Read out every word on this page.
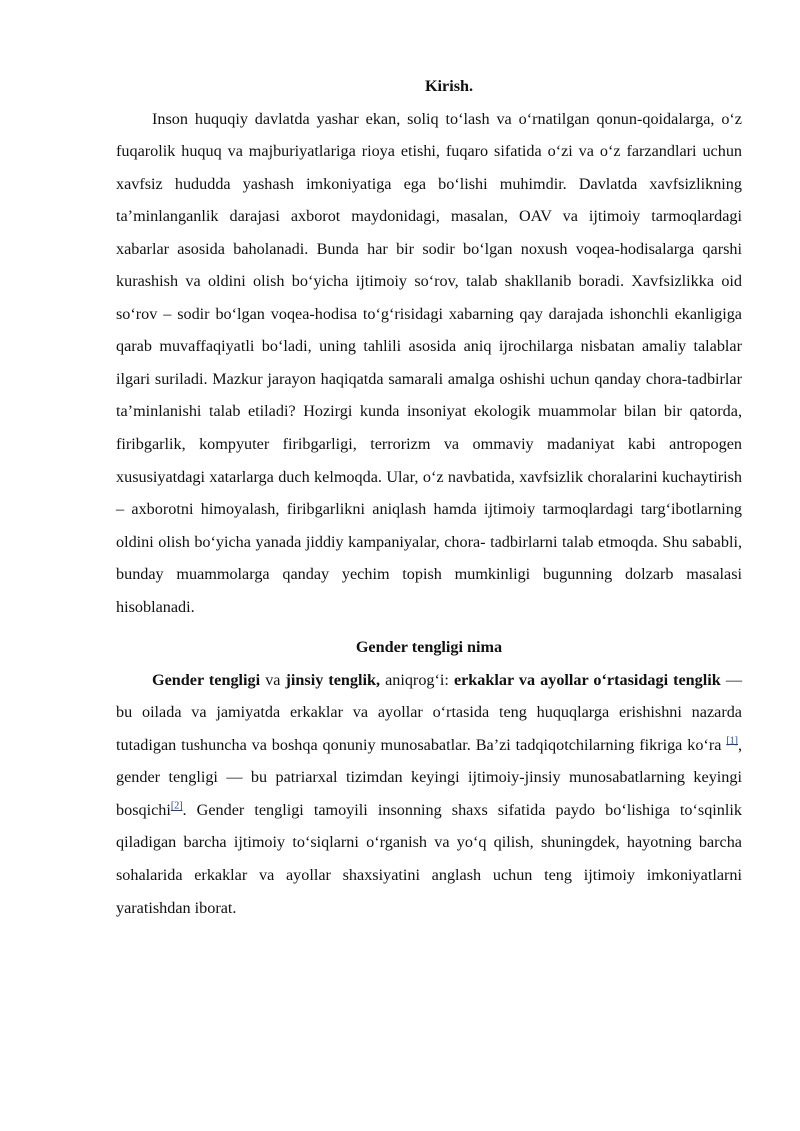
Kirish.

Inson huquqiy davlatda yashar ekan, soliq to‘lash va o‘rnatilgan qonun-qoidalarga, o‘z fuqarolik huquq va majburiyatlariga rioya etishi, fuqaro sifatida o‘zi va o‘z farzandlari uchun xavfsiz hududda yashash imkoniyatiga ega bo‘lishi muhimdir. Davlatda xavfsizlikning ta’minlanganlik darajasi axborot maydonidagi, masalan, OAV va ijtimoiy tarmoqlardagi xabarlar asosida baholanadi. Bunda har bir sodir bo‘lgan noxush voqea-hodisalarga qarshi kurashish va oldini olish bo‘yicha ijtimoiy so‘rov, talab shakllanib boradi. Xavfsizlikka oid so‘rov – sodir bo‘lgan voqea-hodisa to‘g‘risidagi xabarning qay darajada ishonchli ekanligiga qarab muvaffaqiyatli bo‘ladi, uning tahlili asosida aniq ijrochilarga nisbatan amaliy talablar ilgari suriladi. Mazkur jarayon haqiqatda samarali amalga oshishi uchun qanday chora-tadbirlar ta’minlanishi talab etiladi? Hozirgi kunda insoniyat ekologik muammolar bilan bir qatorda, firibgarlik, kompyuter firibgarligi, terrorizm va ommaviy madaniyat kabi antropogen xususiyatdagi xatarlarga duch kelmoqda. Ular, o‘z navbatida, xavfsizlik choralarini kuchaytirish – axborotni himoyalash, firibgarlikni aniqlash hamda ijtimoiy tarmoqlardagi targ‘ibotlarning oldini olish bo‘yicha yanada jiddiy kampaniyalar, chora- tadbirlarni talab etmoqda. Shu sababli, bunday muammolarga qanday yechim topish mumkinligi bugunning dolzarb masalasi hisoblanadi.

Gender tengligi nima

Gender tengligi va jinsiy tenglik, aniqrog‘i: erkaklar va ayollar o‘rtasidagi tenglik — bu oilada va jamiyatda erkaklar va ayollar o‘rtasida teng huquqlarga erishishni nazarda tutadigan tushuncha va boshqa qonuniy munosabatlar. Ba’zi tadqiqotchilarning fikriga ko‘ra [1], gender tengligi — bu patriarxal tizimdan keyingi ijtimoiy-jinsiy munosabatlarning keyingi bosqichi[2]. Gender tengligi tamoyili insonning shaxs sifatida paydo bo‘lishiga to‘sqinlik qiladigan barcha ijtimoiy to‘siqlarni o‘rganish va yo‘q qilish, shuningdek, hayotning barcha sohalarida erkaklar va ayollar shaxsiyatini anglash uchun teng ijtimoiy imkoniyatlarni yaratishdan iborat.
